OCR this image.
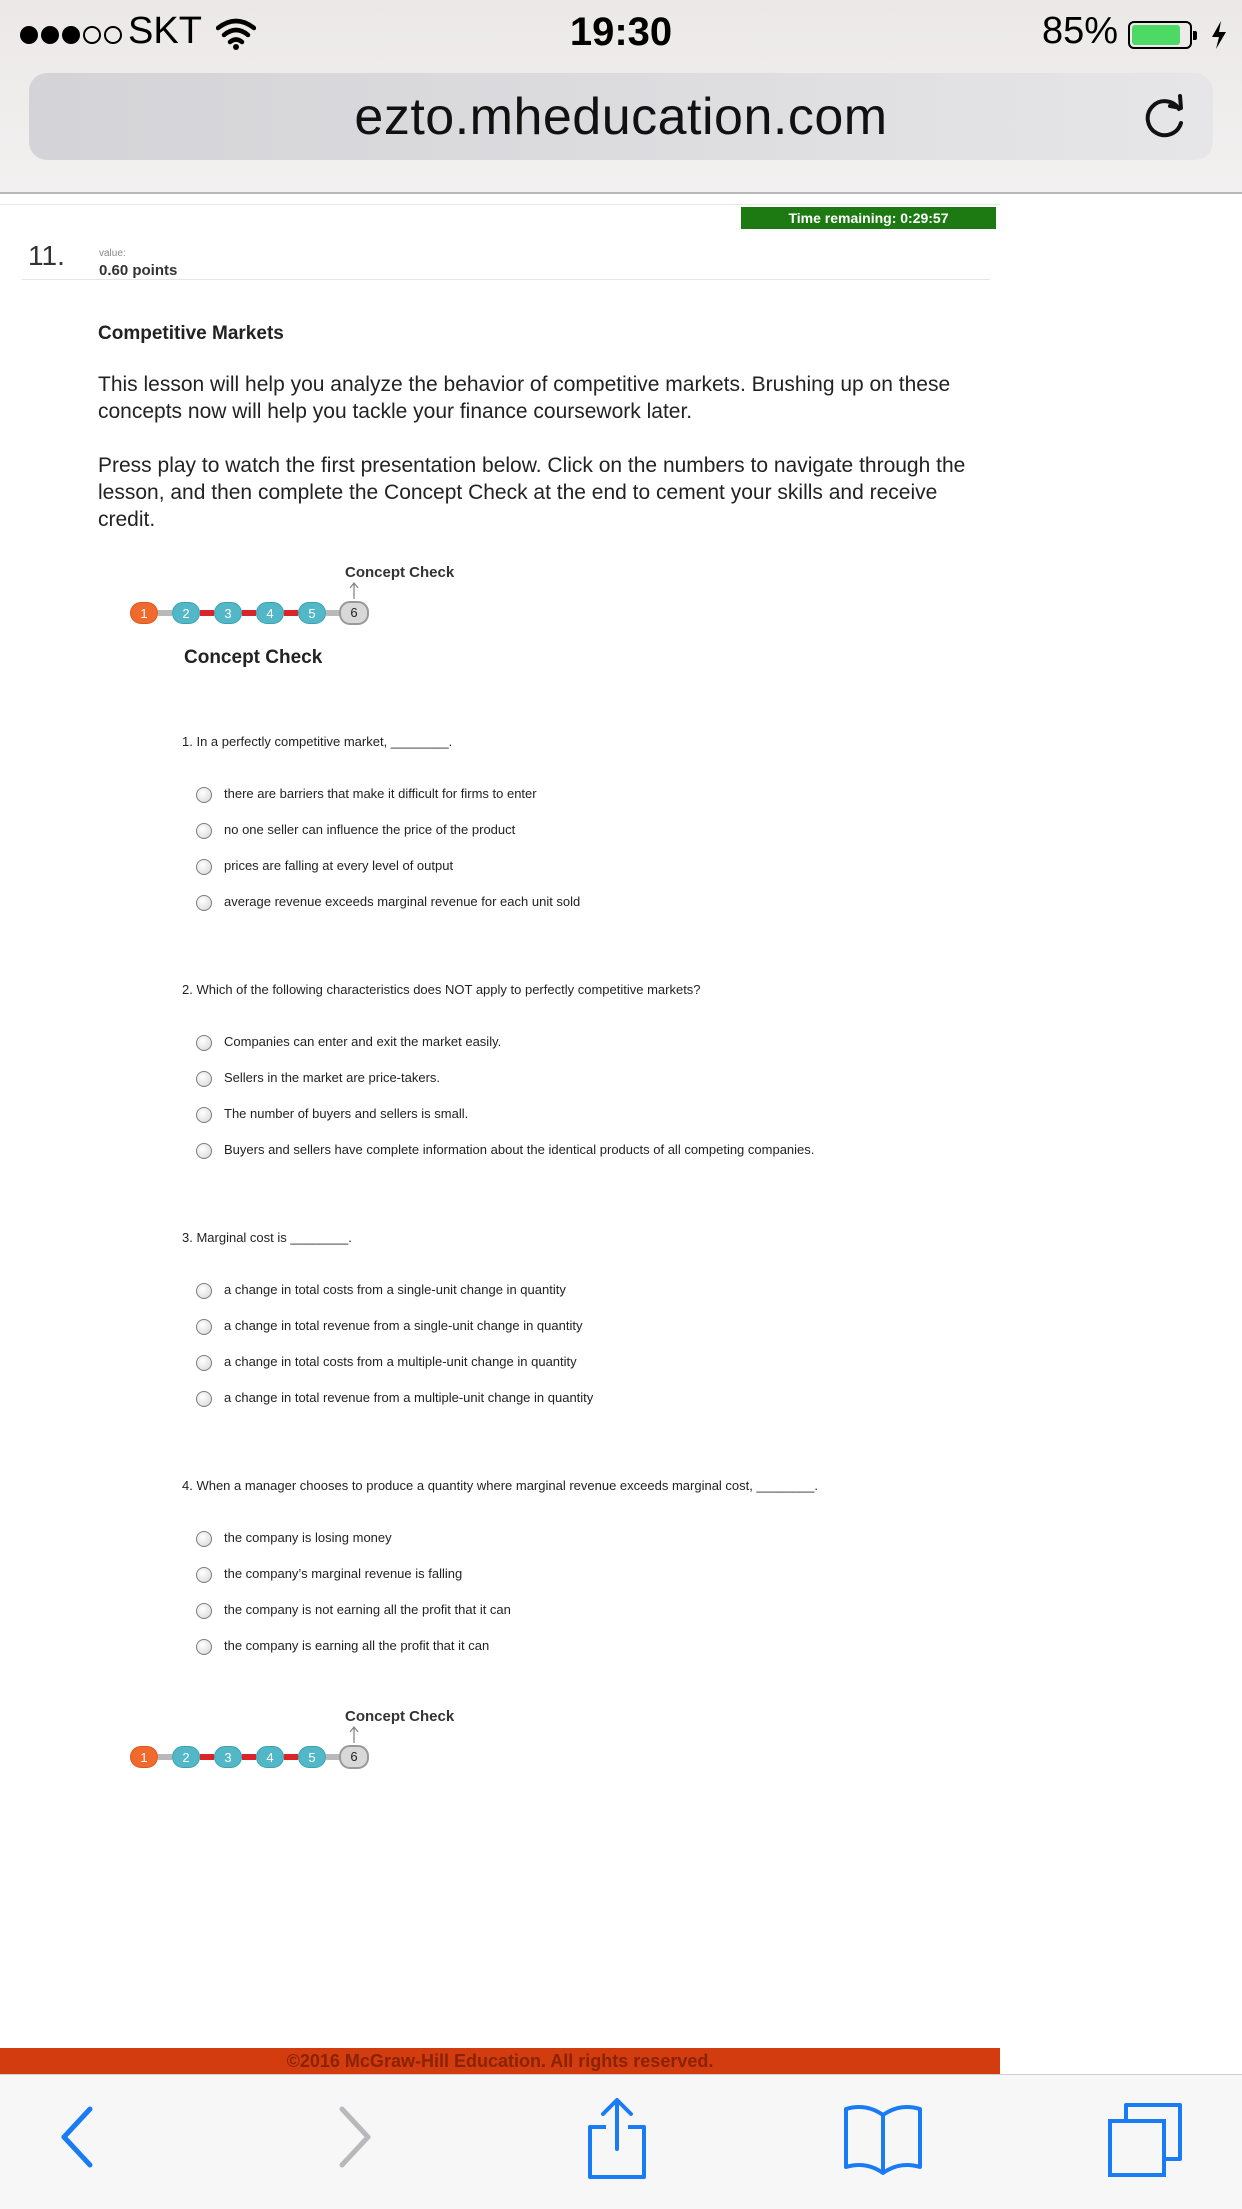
SKT	19:30	85%
ezto.mheducation.com
Time remaining: 0:29:57
11.	value:
0.60 points
Competitive Markets
This lesson will help you analyze the behavior of competitive markets. Brushing up on these concepts now will help you tackle your finance coursework later.
Press play to watch the first presentation below. Click on the numbers to navigate through the lesson, and then complete the Concept Check at the end to cement your skills and receive credit.
Concept Check
1	2	3	4	5	6
Concept Check
1. In a perfectly competitive market, ________.
there are barriers that make it difficult for firms to enter
no one seller can influence the price of the product
prices are falling at every level of output
average revenue exceeds marginal revenue for each unit sold
2. Which of the following characteristics does NOT apply to perfectly competitive markets?
Companies can enter and exit the market easily.
Sellers in the market are price-takers.
The number of buyers and sellers is small.
Buyers and sellers have complete information about the identical products of all competing companies.
3. Marginal cost is ________.
a change in total costs from a single-unit change in quantity
a change in total revenue from a single-unit change in quantity
a change in total costs from a multiple-unit change in quantity
a change in total revenue from a multiple-unit change in quantity
4. When a manager chooses to produce a quantity where marginal revenue exceeds marginal cost, ________.
the company is losing money
the company’s marginal revenue is falling
the company is not earning all the profit that it can
the company is earning all the profit that it can
Concept Check
1	2	3	4	5	6
©2016 McGraw-Hill Education. All rights reserved.
